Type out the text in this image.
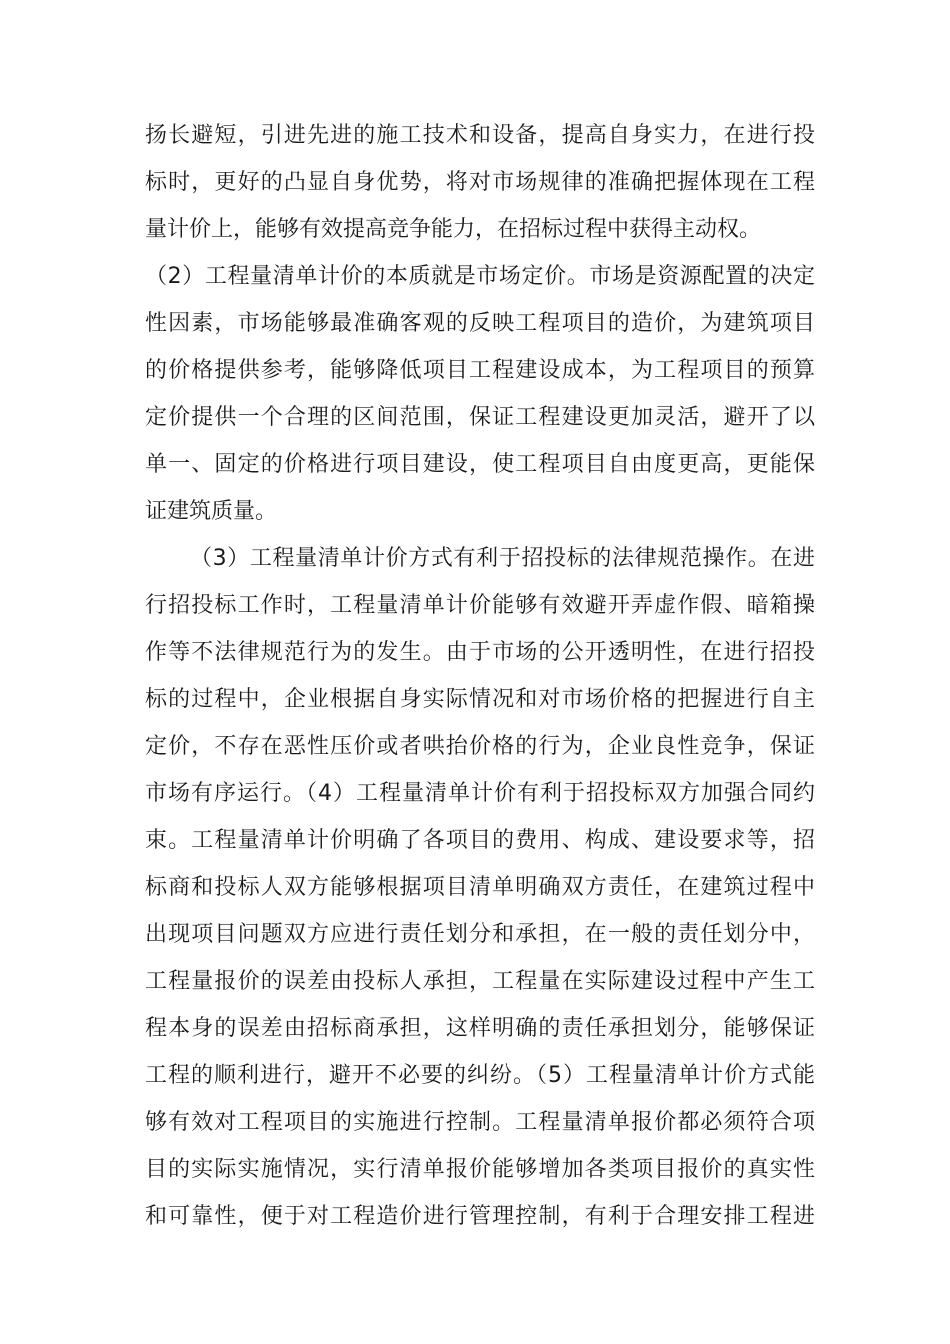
扬长避短，引进先进的施工技术和设备，提高自身实力，在进行投
标时，更好的凸显自身优势，将对市场规律的准确把握体现在工程
量计价上，能够有效提高竞争能力，在招标过程中获得主动权。
（2）工程量清单计价的本质就是市场定价。市场是资源配置的决定
性因素，市场能够最准确客观的反映工程项目的造价，为建筑项目
的价格提供参考，能够降低项目工程建设成本，为工程项目的预算
定价提供一个合理的区间范围，保证工程建设更加灵活，避开了以
单一、固定的价格进行项目建设，使工程项目自由度更高，更能保
证建筑质量。
（3）工程量清单计价方式有利于招投标的法律规范操作。在进
行招投标工作时，工程量清单计价能够有效避开弄虚作假、暗箱操
作等不法律规范行为的发生。由于市场的公开透明性，在进行招投
标的过程中，企业根据自身实际情况和对市场价格的把握进行自主
定价，不存在恶性压价或者哄抬价格的行为，企业良性竞争，保证
市场有序运行。（4）工程量清单计价有利于招投标双方加强合同约
束。工程量清单计价明确了各项目的费用、构成、建设要求等，招
标商和投标人双方能够根据项目清单明确双方责任，在建筑过程中
出现项目问题双方应进行责任划分和承担，在一般的责任划分中，
工程量报价的误差由投标人承担，工程量在实际建设过程中产生工
程本身的误差由招标商承担，这样明确的责任承担划分，能够保证
工程的顺利进行，避开不必要的纠纷。（5）工程量清单计价方式能
够有效对工程项目的实施进行控制。工程量清单报价都必须符合项
目的实际实施情况，实行清单报价能够增加各类项目报价的真实性
和可靠性，便于对工程造价进行管理控制，有利于合理安排工程进
